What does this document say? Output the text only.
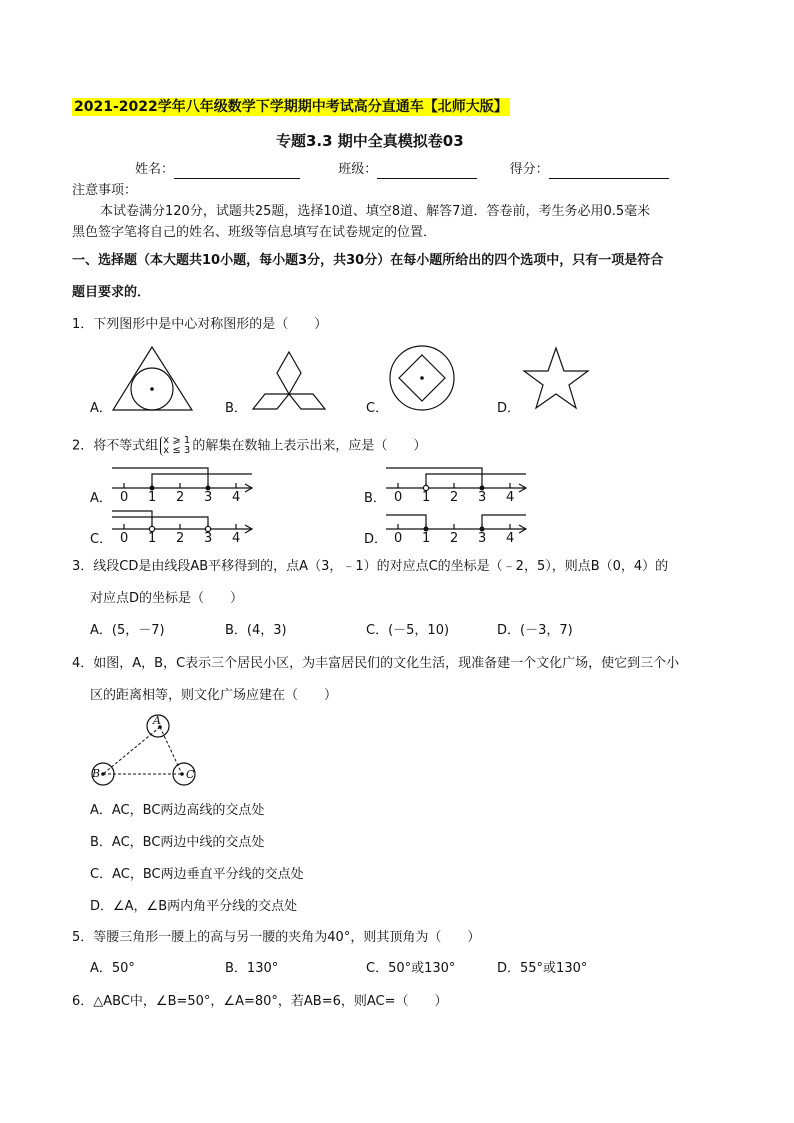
2021-2022学年八年级数学下学期期中考试高分直通车【北师大版】
专题3.3 期中全真模拟卷03
姓名：	班级：	得分：
注意事项：
本试卷满分120分，试题共25题，选择10道、填空8道、解答7道．答卷前，考生务必用0.5毫米
黑色签字笔将自己的姓名、班级等信息填写在试卷规定的位置．
一、选择题（本大题共10小题，每小题3分，共30分）在每小题所给出的四个选项中，只有一项是符合
题目要求的．
1．下列图形中是中心对称图形的是（　　）
A．	B．	C．	D．
2．将不等式组 x ⩾ 1
x ≤ 3 的解集在数轴上表示出来，应是（　　）
A． 0 1 2 3 4	B． 0 1 2 3 4
C． 0 1 2 3 4	D． 0 1 2 3 4
3．线段CD是由线段AB平移得到的，点A（3，﹣1）的对应点C的坐标是（﹣2，5），则点B（0，4）的
对应点D的坐标是（　　）
A．(5，－7)	B．(4，3)	C．(－5，10)	D．(－3，7)
4．如图，A，B，C表示三个居民小区，为丰富居民们的文化生活，现准备建一个文化广场，使它到三个小
区的距离相等，则文化广场应建在（　　）
A
B	C
A．AC，BC两边高线的交点处
B．AC，BC两边中线的交点处
C．AC，BC两边垂直平分线的交点处
D．∠A，∠B两内角平分线的交点处
5．等腰三角形一腰上的高与另一腰的夹角为40°，则其顶角为（　　）
A．50°	B．130°	C．50°或130°	D．55°或130°
6．△ABC中，∠B=50°，∠A=80°，若AB=6，则AC=（　　）
